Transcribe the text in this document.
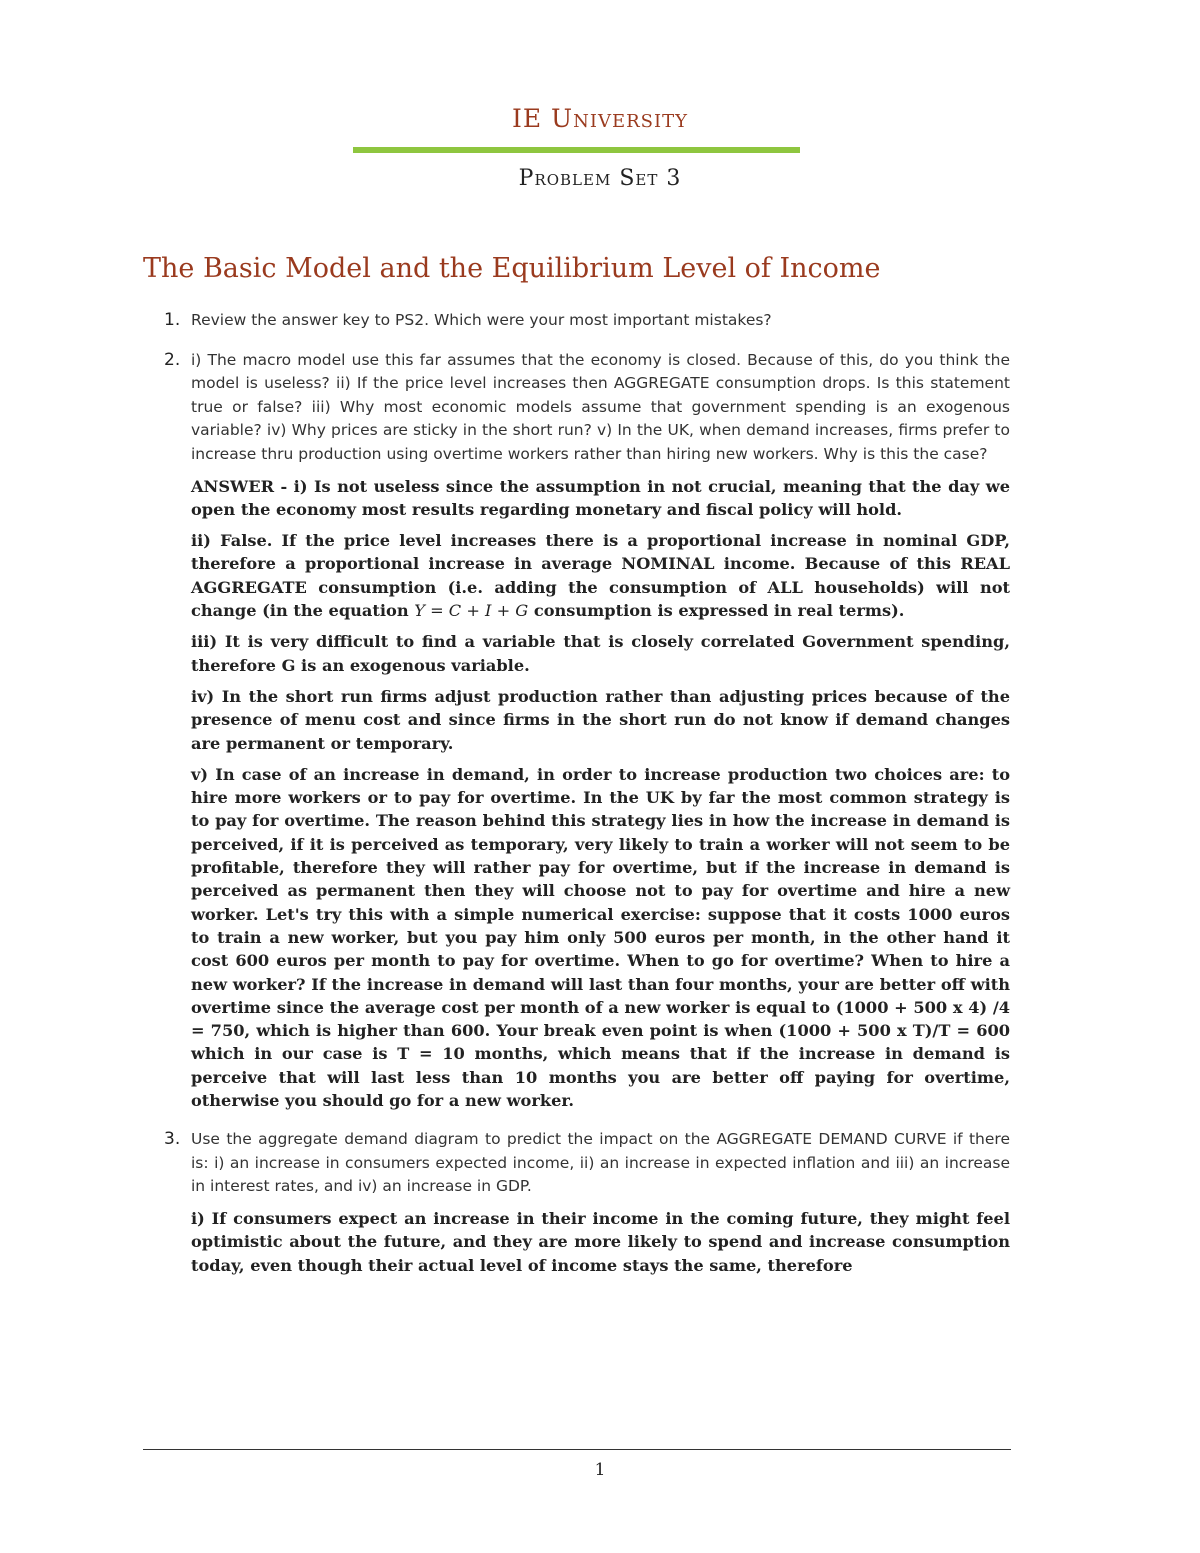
IE University
Problem Set 3
The Basic Model and the Equilibrium Level of Income
1. Review the answer key to PS2. Which were your most important mistakes?

2. i) The macro model use this far assumes that the economy is closed. Because of this, do you think the model is useless? ii) If the price level increases then AGGREGATE consumption drops. Is this statement true or false? iii) Why most economic models assume that government spending is an exogenous variable? iv) Why prices are sticky in the short run? v) In the UK, when demand increases, firms prefer to increase thru production using overtime workers rather than hiring new workers. Why is this the case?

ANSWER - i) Is not useless since the assumption in not crucial, meaning that the day we open the economy most results regarding monetary and fiscal policy will hold.

ii) False. If the price level increases there is a proportional increase in nominal GDP, therefore a proportional increase in average NOMINAL income. Because of this REAL AGGREGATE consumption (i.e. adding the consumption of ALL households) will not change (in the equation Y = C + I + G consumption is expressed in real terms).

iii) It is very difficult to find a variable that is closely correlated Government spending, therefore G is an exogenous variable.

iv) In the short run firms adjust production rather than adjusting prices because of the presence of menu cost and since firms in the short run do not know if demand changes are permanent or temporary.

v) In case of an increase in demand, in order to increase production two choices are: to hire more workers or to pay for overtime. In the UK by far the most common strategy is to pay for overtime. The reason behind this strategy lies in how the increase in demand is perceived, if it is perceived as temporary, very likely to train a worker will not seem to be profitable, therefore they will rather pay for overtime, but if the increase in demand is perceived as permanent then they will choose not to pay for overtime and hire a new worker. Let's try this with a simple numerical exercise: suppose that it costs 1000 euros to train a new worker, but you pay him only 500 euros per month, in the other hand it cost 600 euros per month to pay for overtime. When to go for overtime? When to hire a new worker? If the increase in demand will last than four months, your are better off with overtime since the average cost per month of a new worker is equal to (1000 + 500 x 4) /4 = 750, which is higher than 600. Your break even point is when (1000 + 500 x T)/T = 600 which in our case is T = 10 months, which means that if the increase in demand is perceive that will last less than 10 months you are better off paying for overtime, otherwise you should go for a new worker.

3. Use the aggregate demand diagram to predict the impact on the AGGREGATE DEMAND CURVE if there is: i) an increase in consumers expected income, ii) an increase in expected inflation and iii) an increase in interest rates, and iv) an increase in GDP.

i) If consumers expect an increase in their income in the coming future, they might feel optimistic about the future, and they are more likely to spend and increase consumption today, even though their actual level of income stays the same, therefore

1
